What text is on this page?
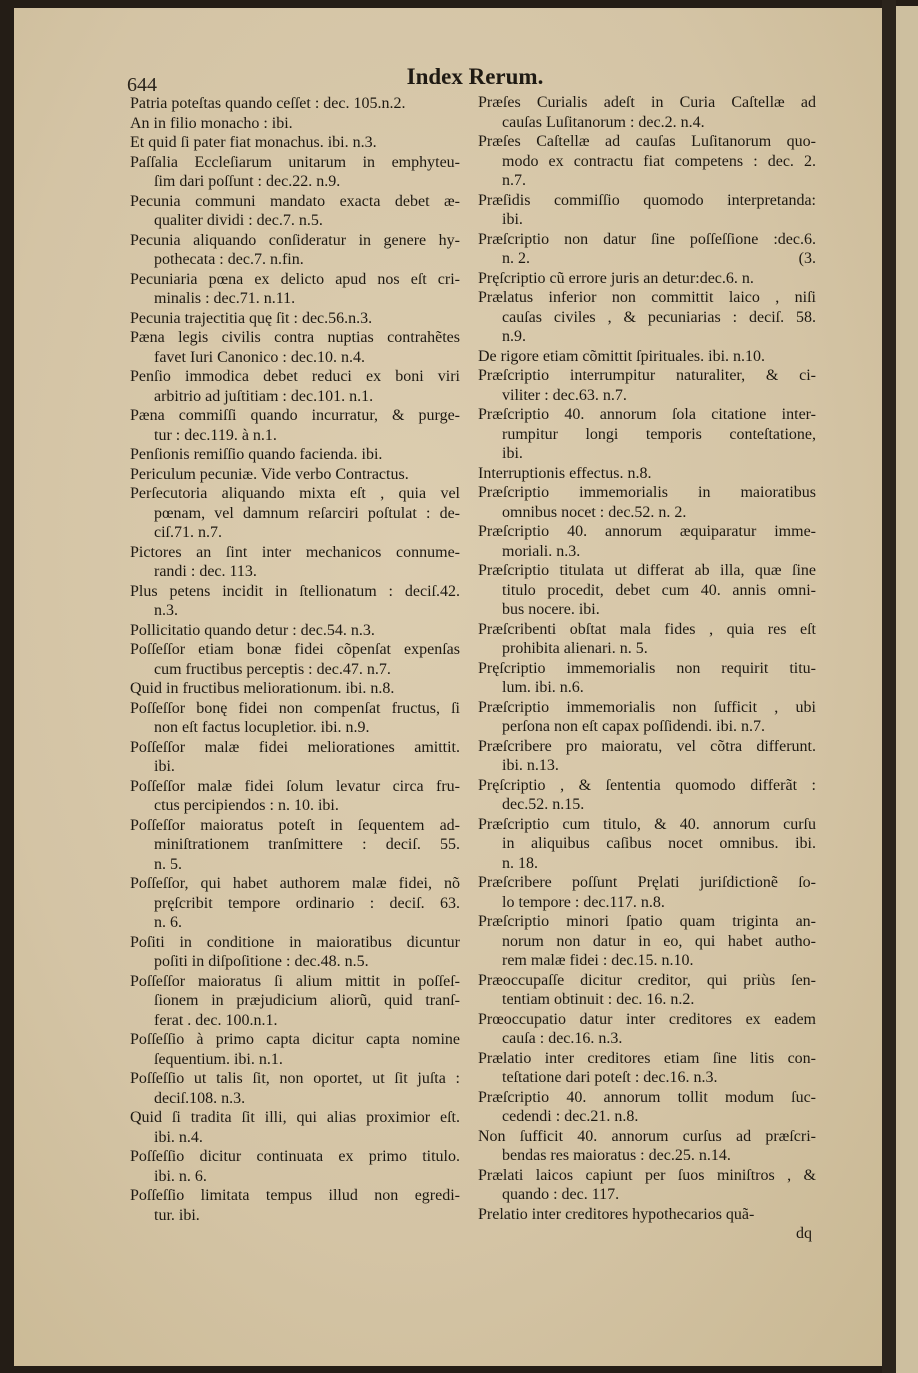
644	Index Rerum.
Patria poteſtas quando ceſſet : dec. 105.n.2.
An in filio monacho : ibi.
Et quid ſi pater fiat monachus. ibi. n.3.
Paſſalia Eccleſiarum unitarum in emphyteu-
ſim dari poſſunt : dec.22. n.9.
Pecunia communi mandato exacta debet æ-
qualiter dividi : dec.7. n.5.
Pecunia aliquando conſideratur in genere hy-
pothecata : dec.7. n.fin.
Pecuniaria pœna ex delicto apud nos eſt cri-
minalis : dec.71. n.11.
Pecunia trajectitia quę ſit : dec.56.n.3.
Pæna legis civilis contra nuptias contrahẽtes
favet Iuri Canonico : dec.10. n.4.
Penſio immodica debet reduci ex boni viri
arbitrio ad juſtitiam : dec.101. n.1.
Pæna commiſſi quando incurratur, & purge-
tur : dec.119. à n.1.
Penſionis remiſſio quando facienda. ibi.
Periculum pecuniæ. Vide verbo Contractus.
Perſecutoria aliquando mixta eſt , quia vel
pœnam, vel damnum reſarciri poſtulat : de-
ciſ.71. n.7.
Pictores an ſint inter mechanicos connume-
randi : dec. 113.
Plus petens incidit in ſtellionatum : deciſ.42.
n.3.
Pollicitatio quando detur : dec.54. n.3.
Poſſeſſor etiam bonæ fidei cõpenſat expenſas
cum fructibus perceptis : dec.47. n.7.
Quid in fructibus meliorationum. ibi. n.8.
Poſſeſſor bonę fidei non compenſat fructus, ſi
non eſt factus locupletior. ibi. n.9.
Poſſeſſor malæ fidei meliorationes amittit.
ibi.
Poſſeſſor malæ fidei ſolum levatur circa fru-
ctus percipiendos : n. 10. ibi.
Poſſeſſor maioratus poteſt in ſequentem ad-
miniſtrationem tranſmittere : deciſ. 55.
n. 5.
Poſſeſſor, qui habet authorem malæ fidei, nõ
pręſcribit tempore ordinario : deciſ. 63.
n. 6.
Poſiti in conditione in maioratibus dicuntur
poſiti in diſpoſitione : dec.48. n.5.
Poſſeſſor maioratus ſi alium mittit in poſſeſ-
ſionem in præjudicium aliorũ, quid tranſ-
ferat . dec. 100.n.1.
Poſſeſſio à primo capta dicitur capta nomine
ſequentium. ibi. n.1.
Poſſeſſio ut talis ſit, non oportet, ut ſit juſta :
deciſ.108. n.3.
Quid ſi tradita ſit illi, qui alias proximior eſt.
ibi. n.4.
Poſſeſſio dicitur continuata ex primo titulo.
ibi. n. 6.
Poſſeſſio limitata tempus illud non egredi-
tur. ibi.
Præſes Curialis adeſt in Curia Caſtellæ ad
cauſas Luſitanorum : dec.2. n.4.
Præſes Caſtellæ ad cauſas Luſitanorum quo-
modo ex contractu fiat competens : dec. 2.
n.7.
Præſidis commiſſio quomodo interpretanda:
ibi.
Præſcriptio non datur ſine poſſeſſione :dec.6.
n. 2.	(3.
Pręſcriptio cũ errore juris an detur:dec.6. n.
Prælatus inferior non committit laico , niſi
cauſas civiles , & pecuniarias : deciſ. 58.
n.9.
De rigore etiam cõmittit ſpirituales. ibi. n.10.
Præſcriptio interrumpitur naturaliter, & ci-
viliter : dec.63. n.7.
Præſcriptio 40. annorum ſola citatione inter-
rumpitur longi temporis conteſtatione,
ibi.
Interruptionis effectus. n.8.
Præſcriptio immemorialis in maioratibus
omnibus nocet : dec.52. n. 2.
Præſcriptio 40. annorum æquiparatur imme-
moriali. n.3.
Præſcriptio titulata ut differat ab illa, quæ ſine
titulo procedit, debet cum 40. annis omni-
bus nocere. ibi.
Præſcribenti obſtat mala fides , quia res eſt
prohibita alienari. n. 5.
Pręſcriptio immemorialis non requirit titu-
lum. ibi. n.6.
Præſcriptio immemorialis non ſufficit , ubi
perſona non eſt capax poſſidendi. ibi. n.7.
Præſcribere pro maioratu, vel cõtra differunt.
ibi. n.13.
Pręſcriptio , & ſententia quomodo differãt :
dec.52. n.15.
Præſcriptio cum titulo, & 40. annorum curſu
in aliquibus caſibus nocet omnibus. ibi.
n. 18.
Præſcribere poſſunt Pręlati juriſdictionẽ ſo-
lo tempore : dec.117. n.8.
Præſcriptio minori ſpatio quam triginta an-
norum non datur in eo, qui habet autho-
rem malæ fidei : dec.15. n.10.
Præoccupaſſe dicitur creditor, qui priùs ſen-
tentiam obtinuit : dec. 16. n.2.
Prœoccupatio datur inter creditores ex eadem
cauſa : dec.16. n.3.
Prælatio inter creditores etiam ſine litis con-
teſtatione dari poteſt : dec.16. n.3.
Præſcriptio 40. annorum tollit modum ſuc-
cedendi : dec.21. n.8.
Non ſufficit 40. annorum curſus ad præſcri-
bendas res maioratus : dec.25. n.14.
Prælati laicos capiunt per ſuos miniſtros , &
quando : dec. 117.
Prelatio inter creditores hypothecarios quã-
dq
